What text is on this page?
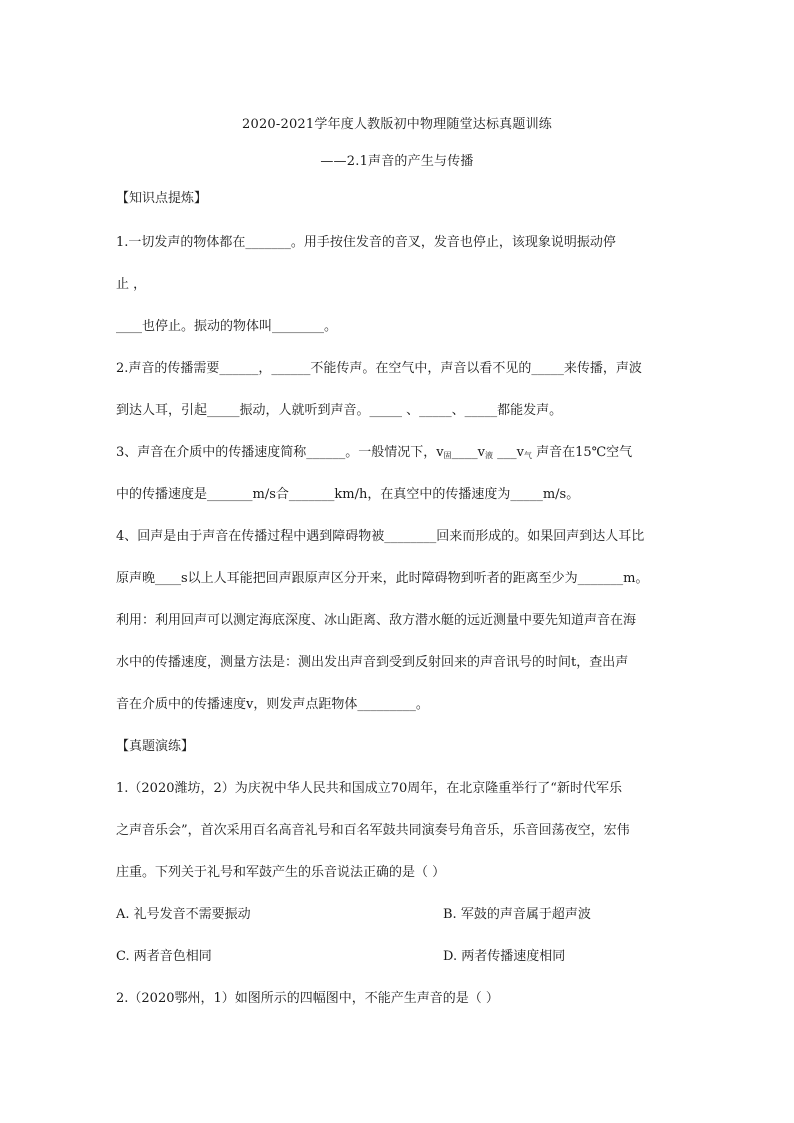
2020-2021学年度人教版初中物理随堂达标真题训练
——2.1声音的产生与传播
【知识点提炼】
1.一切发声的物体都在_______。用手按住发音的音叉，发音也停止，该现象说明振动停
止 ，
____也停止。振动的物体叫________。
2.声音的传播需要______，______不能传声。在空气中，声音以看不见的_____来传播，声波
到达人耳，引起_____振动，人就听到声音。_____ 、_____、_____都能发声。
3、声音在介质中的传播速度简称______。一般情况下，$v_固\_\_\_\_v_液$ $\_\_\_v_气$ 声音在15℃空气
中的传播速度是_______m/s合_______km/h，在真空中的传播速度为_____m/s。
4、回声是由于声音在传播过程中遇到障碍物被________回来而形成的。如果回声到达人耳比
原声晚____s以上人耳能把回声跟原声区分开来，此时障碍物到听者的距离至少为_______m。
利用：利用回声可以测定海底深度、冰山距离、敌方潜水艇的远近测量中要先知道声音在海
水中的传播速度，测量方法是：测出发出声音到受到反射回来的声音讯号的时间t，查出声
音在介质中的传播速度v，则发声点距物体_________。
【真题演练】
1.（2020潍坊，2）为庆祝中华人民共和国成立70周年，在北京隆重举行了“新时代军乐
之声音乐会”，首次采用百名高音礼号和百名军鼓共同演奏号角音乐，乐音回荡夜空，宏伟
庄重。下列关于礼号和军鼓产生的乐音说法正确的是（ ）
A. 礼号发音不需要振动	B. 军鼓的声音属于超声波
C. 两者音色相同	D. 两者传播速度相同
2.（2020鄂州，1）如图所示的四幅图中，不能产生声音的是（ ）
